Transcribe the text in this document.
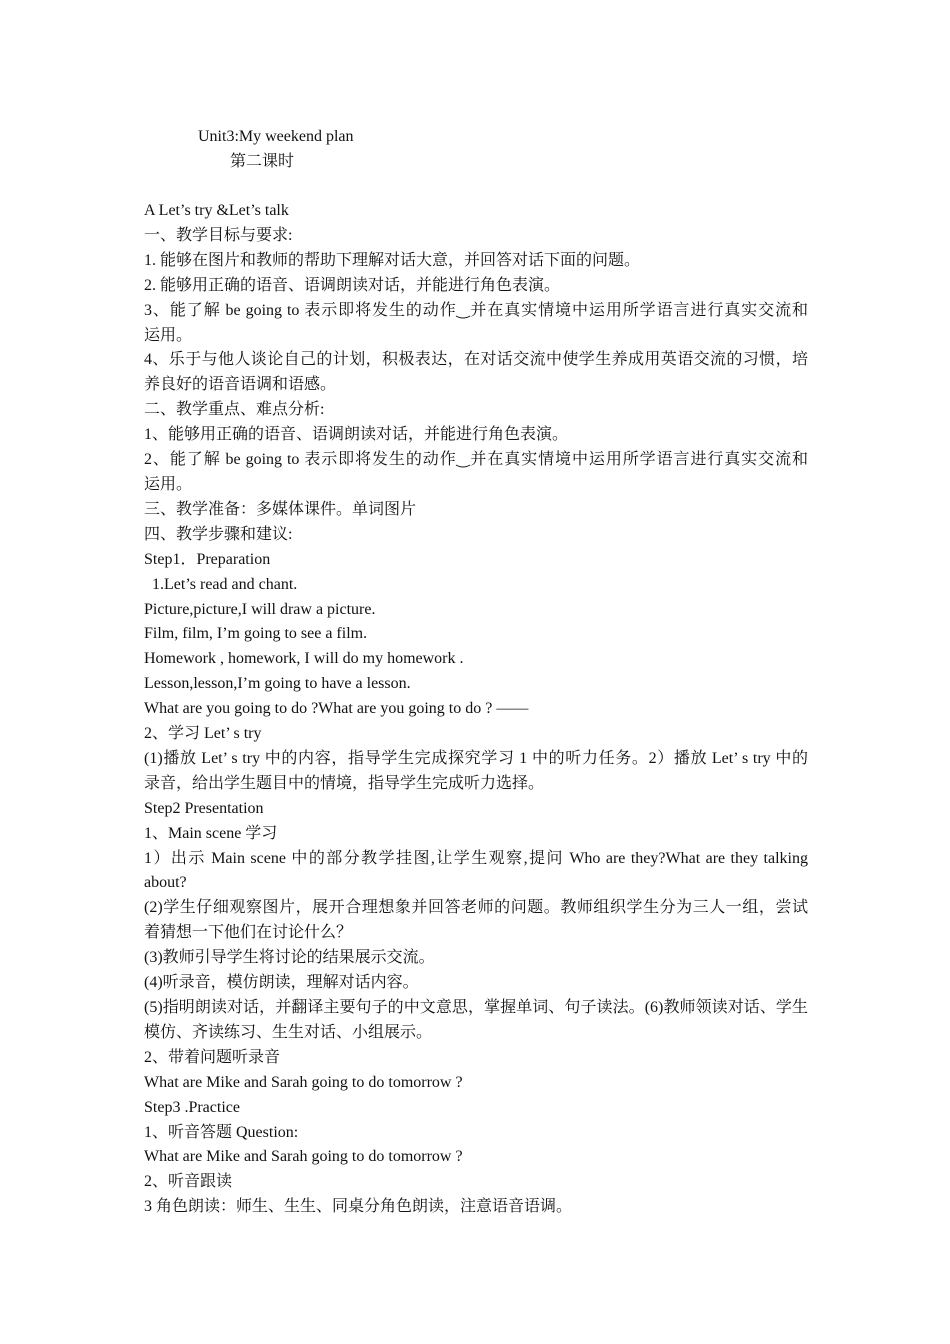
Unit3:My weekend plan
第二课时
A Let’s try &Let’s talk
一、教学目标与要求:
1. 能够在图片和教师的帮助下理解对话大意，并回答对话下面的问题。
2. 能够用正确的语音、语调朗读对话，并能进行角色表演。
3、能了解 be going to 表示即将发生的动作‿并在真实情境中运用所学语言进行真实交流和
运用。
4、乐于与他人谈论自己的计划，积极表达，在对话交流中使学生养成用英语交流的习惯，培
养良好的语音语调和语感。
二、教学重点、难点分析:
1、能够用正确的语音、语调朗读对话，并能进行角色表演。
2、能了解 be going to 表示即将发生的动作‿并在真实情境中运用所学语言进行真实交流和
运用。
三、教学准备：多媒体课件。单词图片
四、教学步骤和建议:
Step1．Preparation
1.Let’s read and chant.
Picture,picture,I will draw a picture.
Film, film, I’m going to see a film.
Homework , homework, I will do my homework .
Lesson,lesson,I’m going to have a lesson.
What are you going to do ?What are you going to do ? ——
2、学习 Let’ s try
(1)播放 Let’ s try 中的内容，指导学生完成探究学习 1 中的听力任务。2）播放 Let’ s try 中的
录音，给出学生题目中的情境，指导学生完成听力选择。
Step2 Presentation
1、Main scene 学习
1）出示 Main scene 中的部分教学挂图,让学生观察,提问 Who are they?What are they talking
about?
(2)学生仔细观察图片，展开合理想象并回答老师的问题。教师组织学生分为三人一组，尝试
着猜想一下他们在讨论什么？
(3)教师引导学生将讨论的结果展示交流。
(4)听录音，模仿朗读，理解对话内容。
(5)指明朗读对话，并翻译主要句子的中文意思，掌握单词、句子读法。(6)教师领读对话、学生
模仿、齐读练习、生生对话、小组展示。
2、带着问题听录音
What are Mike and Sarah going to do tomorrow ?
Step3 .Practice
1、听音答题 Question:
What are Mike and Sarah going to do tomorrow ?
2、听音跟读
3 角色朗读：师生、生生、同桌分角色朗读，注意语音语调。
